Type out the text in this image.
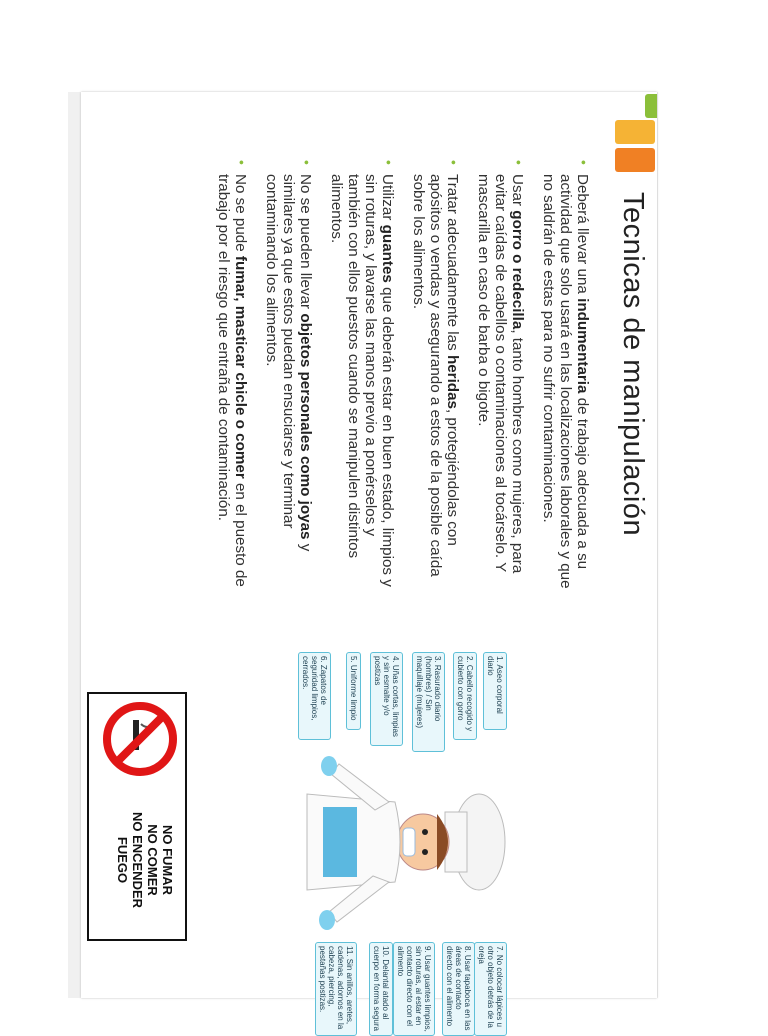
Tecnicas de manipulación
•
Deberá llevar una indumentaria de trabajo adecuada a su actividad que solo usará en las localizaciones laborales y que no saldrán de estas para no sufrir contaminaciones.
•
Usar gorro o redecilla, tanto hombres como mujeres, para evitar caídas de cabellos o contaminaciones al tocárselo. Y mascarilla en caso de barba o bigote.
•
Tratar adecuadamente las heridas, protegiéndolas con apósitos o vendas y asegurando a estos de la posible caída sobre los alimentos.
•
Utilizar guantes que deberán estar en buen estado, limpios y sin roturas, y lavarse las manos previo a ponérselos y también con ellos puestos cuando se manipulen distintos alimentos.
•
No se pueden llevar objetos personales como joyas y similares ya que estos puedan ensuciarse y terminar contaminando los alimentos.
•
No se pude fumar, masticar chicle o comer en el puesto de trabajo por el riesgo que entraña de contaminación.
1. Aseo corporal diario
2. Cabello recogido y cubierto con gorro
3. Rasurado diario (hombres) / Sin maquillaje (mujeres)
4. Uñas cortas, limpias y sin esmalte y/o postizas
5. Uniforme limpio
6. Zapatos de seguridad limpios, cerrados.
7. No colocar lápices u otro objeto detrás de la oreja
8. Usar tapaboca en las áreas de contacto directo con el alimento
9. Usar guantes limpios, sin roturas, al estar en contacto directo con el alimento
10. Delantal atado al cuerpo en forma segura
11. Sin anillos, aretes, cadenas, adornos en la cabeza, piercing, pestañas postizas.
NO FUMAR
NO COMER
NO ENCENDER
FUEGO
